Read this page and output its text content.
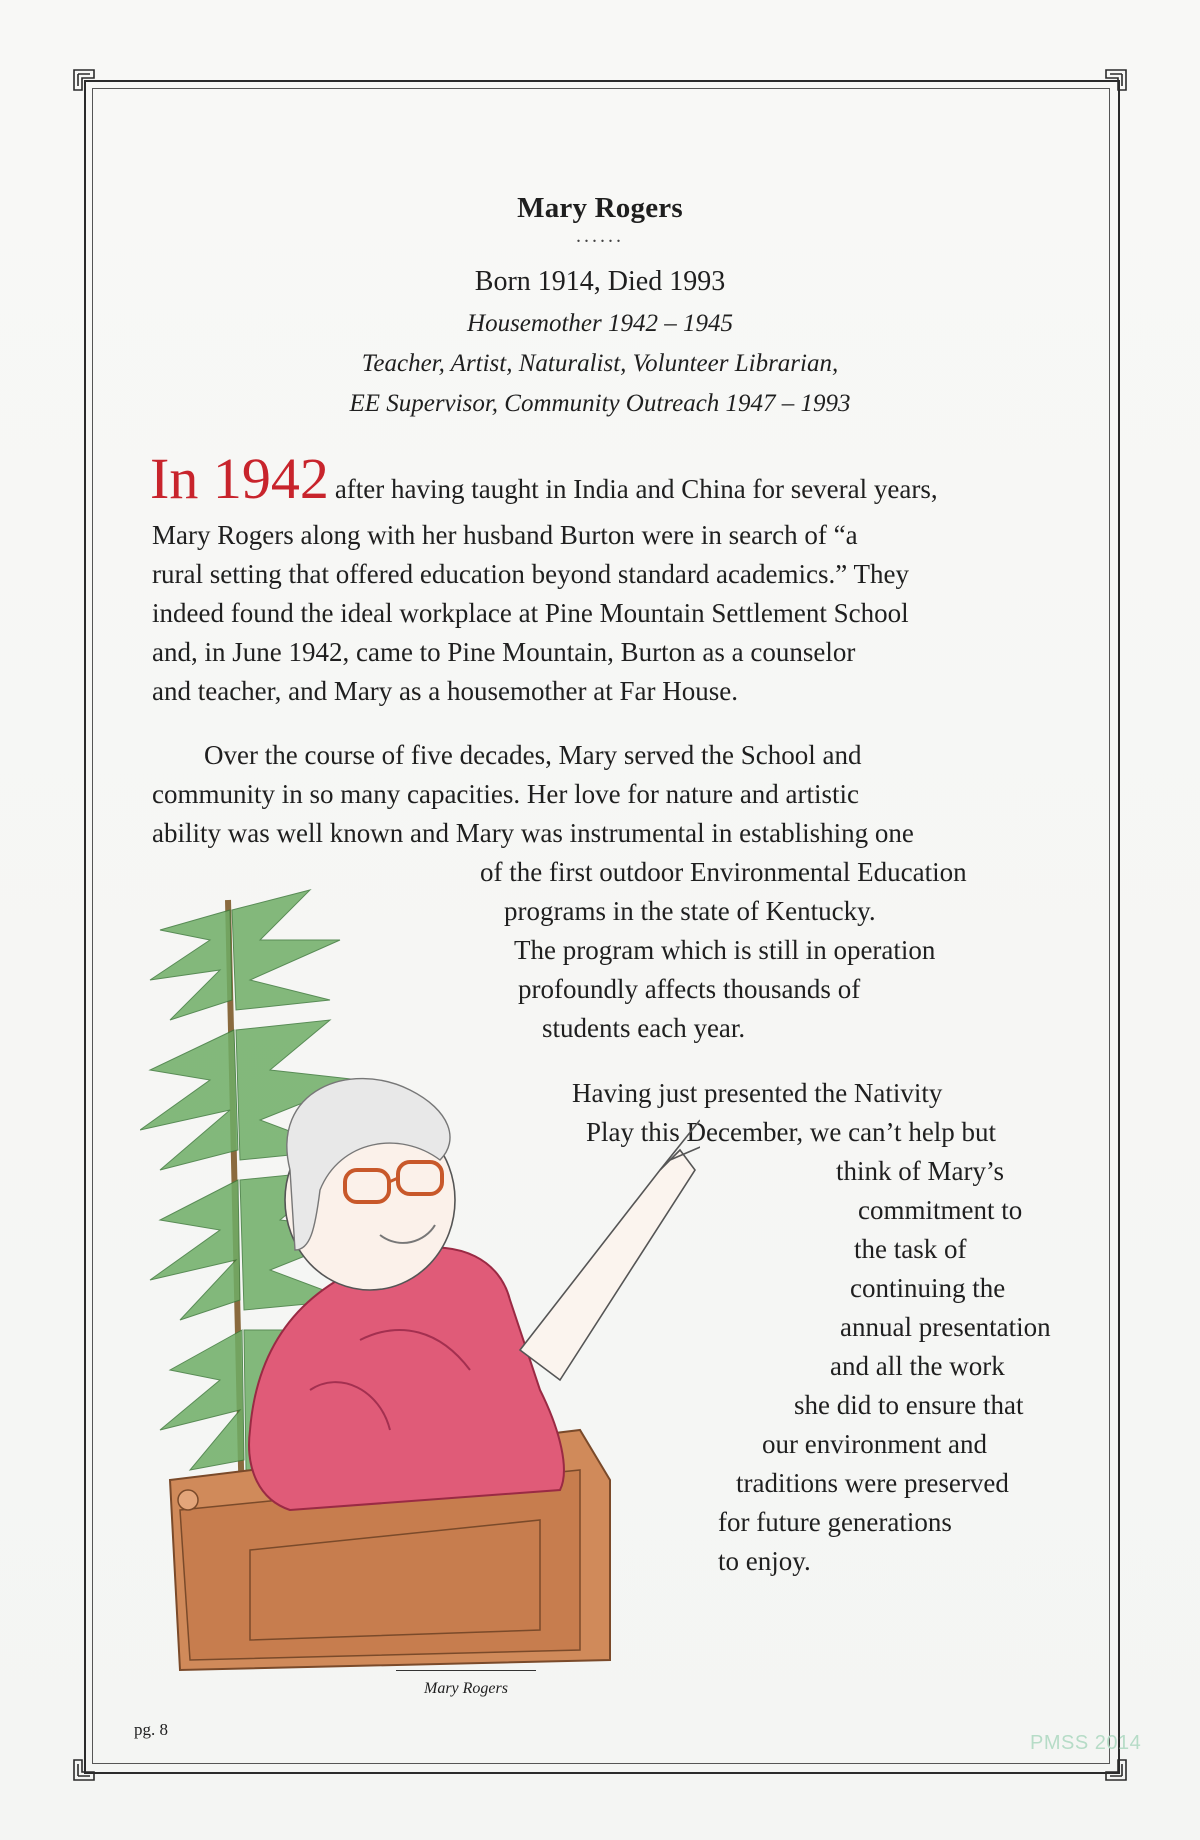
Mary Rogers
......
Born 1914, Died 1993
Housemother 1942 – 1945
Teacher, Artist, Naturalist, Volunteer Librarian,
EE Supervisor, Community Outreach 1947 – 1993
In 1942 after having taught in India and China for several years,
Mary Rogers along with her husband Burton were in search of “a
rural setting that offered education beyond standard academics.” They
indeed found the ideal workplace at Pine Mountain Settlement School
and, in June 1942, came to Pine Mountain, Burton as a counselor
and teacher, and Mary as a housemother at Far House.
Over the course of five decades, Mary served the School and
community in so many capacities. Her love for nature and artistic
ability was well known and Mary was instrumental in establishing one
of the first outdoor Environmental Education
programs in the state of Kentucky.
The program which is still in operation
profoundly affects thousands of
students each year.
Having just presented the Nativity
Play this December, we can’t help but
think of Mary’s
commitment to
the task of
continuing the
annual presentation
and all the work
she did to ensure that
our environment and
traditions were preserved
for future generations
to enjoy.
Mary Rogers
pg. 8
PMSS 2014
